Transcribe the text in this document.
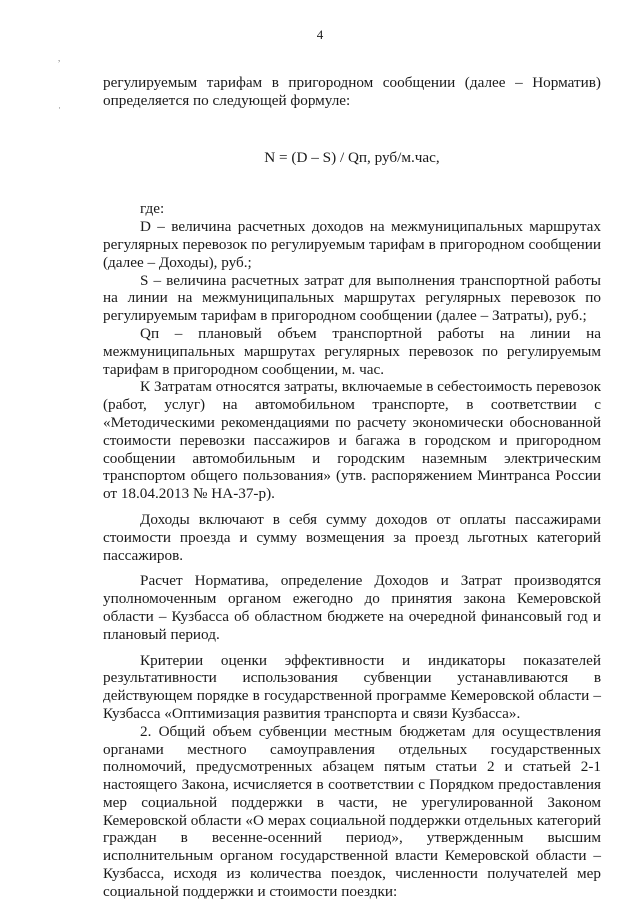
4
·
,

регулируемым тарифам в пригородном сообщении (далее – Норматив) определяется по следующей формуле:

N = (D – S) / Qп, руб/м.час,

где:

D – величина расчетных доходов на межмуниципальных маршрутах регулярных перевозок по регулируемым тарифам в пригородном сообщении (далее – Доходы), руб.;

S – величина расчетных затрат для выполнения транспортной работы на линии на межмуниципальных маршрутах регулярных перевозок по регулируемым тарифам в пригородном сообщении (далее – Затраты), руб.;

Qп – плановый объем транспортной работы на линии на межмуниципальных маршрутах регулярных перевозок по регулируемым тарифам в пригородном сообщении, м. час.

К Затратам относятся затраты, включаемые в себестоимость перевозок (работ, услуг) на автомобильном транспорте, в соответствии с «Методическими рекомендациями по расчету экономически обоснованной стоимости перевозки пассажиров и багажа в городском и пригородном сообщении автомобильным и городским наземным электрическим транспортом общего пользования» (утв. распоряжением Минтранса России от 18.04.2013 № НА-37-р).

Доходы включают в себя сумму доходов от оплаты пассажирами стоимости проезда и сумму возмещения за проезд льготных категорий пассажиров.

Расчет Норматива, определение Доходов и Затрат производятся уполномоченным органом ежегодно до принятия закона Кемеровской области – Кузбасса об областном бюджете на очередной финансовый год и плановый период.

Критерии оценки эффективности и индикаторы показателей результативности использования субвенции устанавливаются в действующем порядке в государственной программе Кемеровской области – Кузбасса «Оптимизация развития транспорта и связи Кузбасса».

2. Общий объем субвенции местным бюджетам для осуществления органами местного самоуправления отдельных государственных полномочий, предусмотренных абзацем пятым статьи 2 и статьей 2-1 настоящего Закона, исчисляется в соответствии с Порядком предоставления мер социальной поддержки в части, не урегулированной Законом Кемеровской области «О мерах социальной поддержки отдельных категорий граждан в весенне-осенний период», утвержденным высшим исполнительным органом государственной власти Кемеровской области – Кузбасса, исходя из количества поездок, численности получателей мер социальной поддержки и стоимости поездки:
